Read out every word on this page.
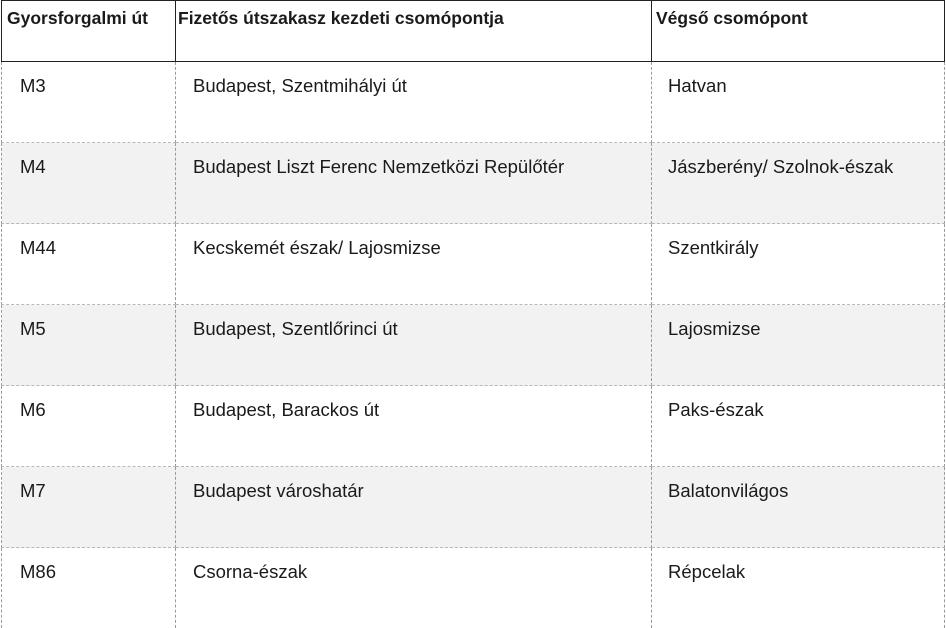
Gyorsforgalmi út	Fizetős útszakasz kezdeti csomópontja	Végső csomópont
M3	Budapest, Szentmihályi út	Hatvan
M4	Budapest Liszt Ferenc Nemzetközi Repülőtér	Jászberény/ Szolnok-észak
M44	Kecskemét észak/ Lajosmizse	Szentkirály
M5	Budapest, Szentlőrinci út	Lajosmizse
M6	Budapest, Barackos út	Paks-észak
M7	Budapest városhatár	Balatonvilágos
M86	Csorna-észak	Répcelak
